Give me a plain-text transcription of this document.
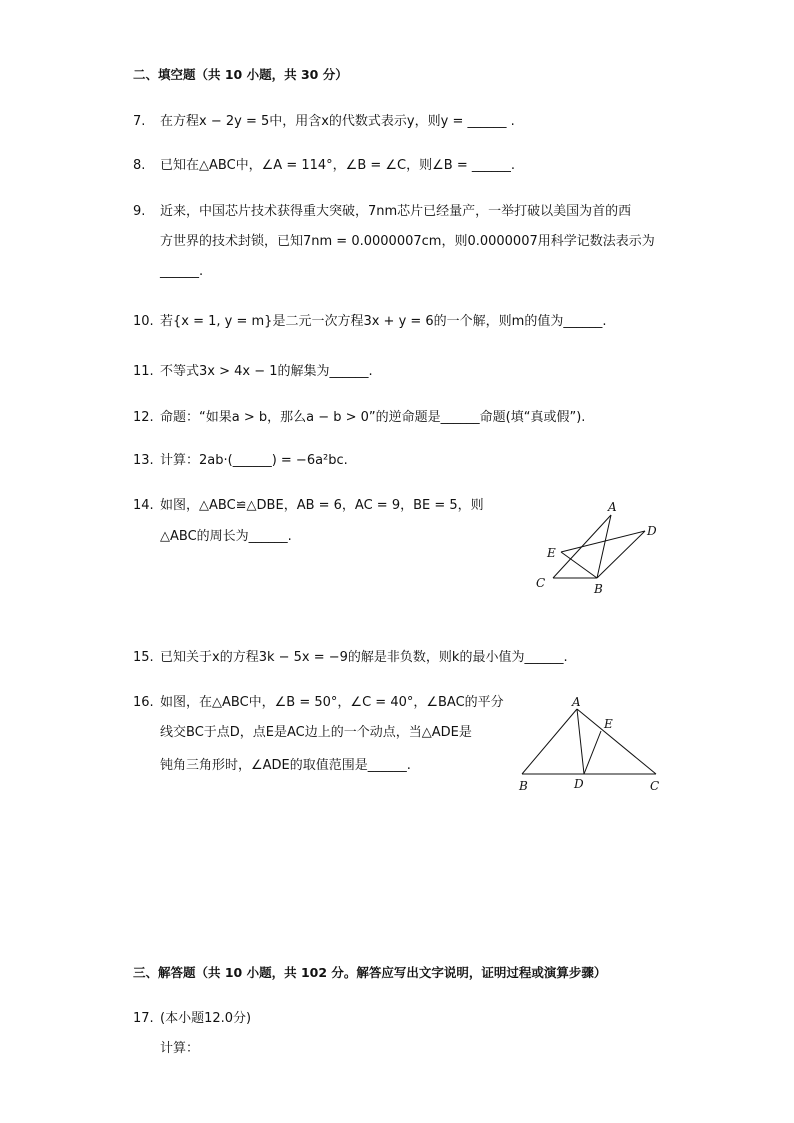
二、填空题（共 10 小题，共 30 分）
7. 在方程x − 2y = 5中，用含x的代数式表示y，则y = ______ .
8. 已知在△ABC中，∠A = 114°，∠B = ∠C，则∠B = ______.
9. 近来，中国芯片技术获得重大突破，7nm芯片已经量产，一举打破以美国为首的西
方世界的技术封锁，已知7nm = 0.0000007cm，则0.0000007用科学记数法表示为
______.
10. 若{x = 1, y = m}是二元一次方程3x + y = 6的一个解，则m的值为______.
11. 不等式3x > 4x − 1的解集为______.
12. 命题：“如果a > b，那么a − b > 0”的逆命题是______命题(填“真或假”).
13. 计算：2ab·(______) = −6a²bc.
14. 如图，△ABC≌△DBE，AB = 6，AC = 9，BE = 5，则
△ABC的周长为______.
15. 已知关于x的方程3k − 5x = −9的解是非负数，则k的最小值为______.
16. 如图，在△ABC中，∠B = 50°，∠C = 40°，∠BAC的平分
线交BC于点D，点E是AC边上的一个动点，当△ADE是
钝角三角形时，∠ADE的取值范围是______.
A
D
E
C	B
A
E
B	D	C
三、解答题（共 10 小题，共 102 分。解答应写出文字说明，证明过程或演算步骤）
17. (本小题12.0分)
计算：
